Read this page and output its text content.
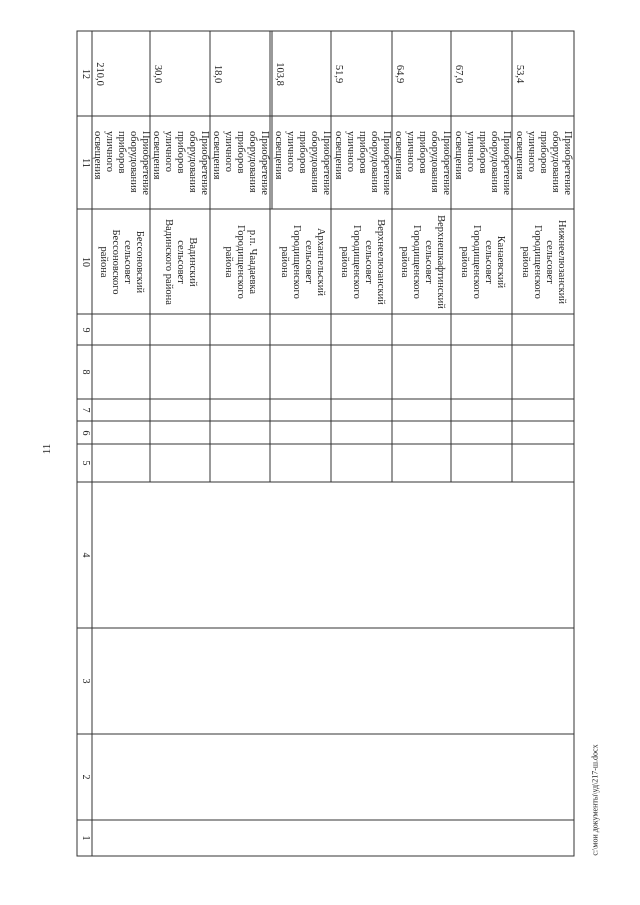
11
1
2
3
4
5
6
7
8
9
10
11
12
Бессоновский
сельсовет
Бессоновского
района
Приобретение
оборудования
приборов
уличного
освещения
210,0
Вадинский
сельсовет
Вадинского района
Приобретение
оборудования
приборов
уличного
освещения
30,0
р.п. Чаадаевка
Городищенского
района
Приобретение
оборудования
приборов
уличного
освещения
18,0
Архангельский
сельсовет
Городищенского
района
Приобретение
оборудования
приборов
уличного
освещения
103,8
Верхнеелюзанский
сельсовет
Городищенского
района
Приобретение
оборудования
приборов
уличного
освещения
51,9
Верхнешкафтинский
сельсовет
Городищенского
района
Приобретение
оборудования
приборов
уличного
освещения
64,9
Канаевский
сельсовет
Городищенского
района
Приобретение
оборудования
приборов
уличного
освещения
67,0
Нижнеелюзанский
сельсовет
Городищенского
района
Приобретение
оборудования
приборов
уличного
освещения
53,4
c:\мои документы\уд\217-ш.docx
